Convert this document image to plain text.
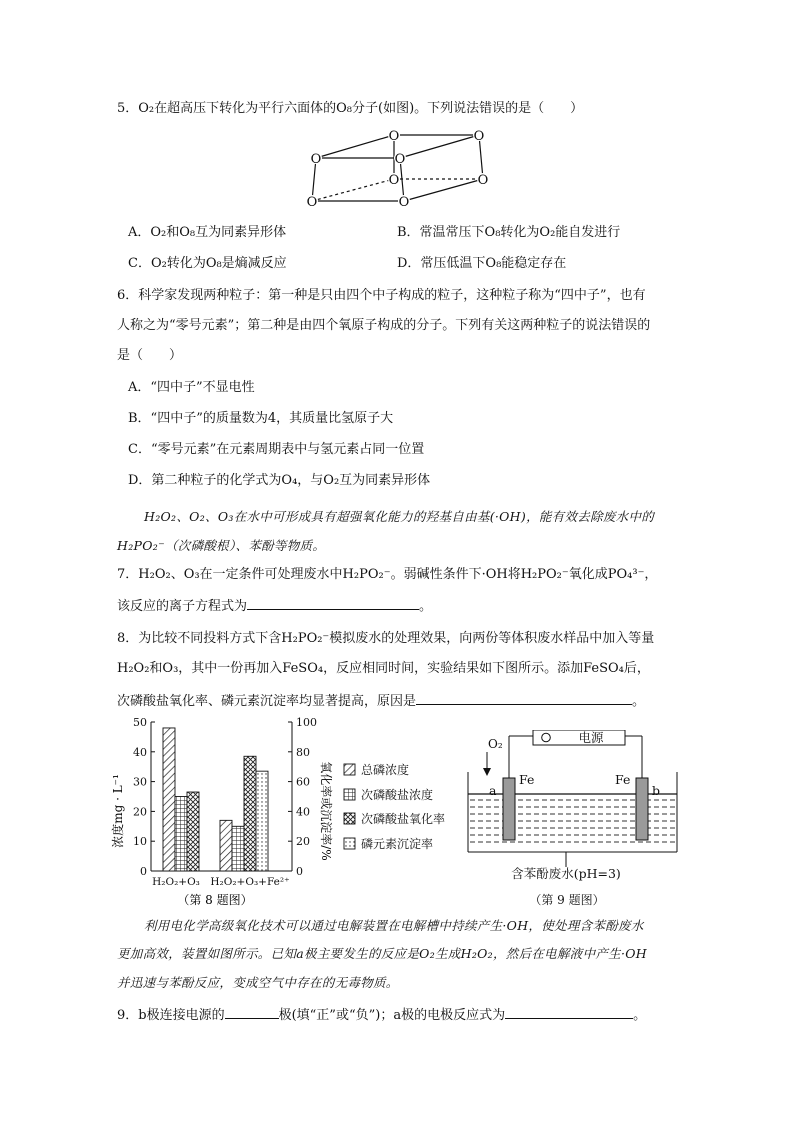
5．O₂在超高压下转化为平行六面体的O₈分子(如图)。下列说法错误的是（　　）
O	O
O	O
O	O
O	O
A．O₂和O₈互为同素异形体	B．常温常压下O₈转化为O₂能自发进行
C．O₂转化为O₈是熵减反应	D．常压低温下O₈能稳定存在
6．科学家发现两种粒子：第一种是只由四个中子构成的粒子，这种粒子称为“四中子”，也有
人称之为“零号元素”；第二种是由四个氧原子构成的分子。下列有关这两种粒子的说法错误的
是（　　）
A．“四中子”不显电性
B．“四中子”的质量数为4，其质量比氢原子大
C．“零号元素”在元素周期表中与氢元素占同一位置
D．第二种粒子的化学式为O₄，与O₂互为同素异形体
H₂O₂、O₂、O₃在水中可形成具有超强氧化能力的羟基自由基(·OH)，能有效去除废水中的
H₂PO₂⁻（次磷酸根）、苯酚等物质。
7．H₂O₂、O₃在一定条件可处理废水中H₂PO₂⁻。弱碱性条件下·OH将H₂PO₂⁻氧化成PO₄³⁻，
该反应的离子方程式为	。
8．为比较不同投料方式下含H₂PO₂⁻模拟废水的处理效果，向两份等体积废水样品中加入等量
H₂O₂和O₃，其中一份再加入FeSO₄，反应相同时间，实验结果如下图所示。添加FeSO₄后，
次磷酸盐氧化率、磷元素沉淀率均显著提高，原因是	。
浓度mg · L⁻¹	氧化率或沉淀率/%
0	0
10	20
20	40
30	60
40	80
50	100
H₂O₂+O₃ H₂O₂+O₃+Fe²⁺
总磷浓度
次磷酸盐浓度
次磷酸盐氧化率
磷元素沉淀率
（第 8 题图）
电源
O₂
Fe	Fe
a	b
含苯酚废水(pH=3)
（第 9 题图）
利用电化学高级氧化技术可以通过电解装置在电解槽中持续产生·OH，使处理含苯酚废水
更加高效，装置如图所示。已知a极主要发生的反应是O₂生成H₂O₂，然后在电解液中产生·OH
并迅速与苯酚反应，变成空气中存在的无毒物质。
9．b极连接电源的	极(填“正”或“负”)；a极的电极反应式为	。
